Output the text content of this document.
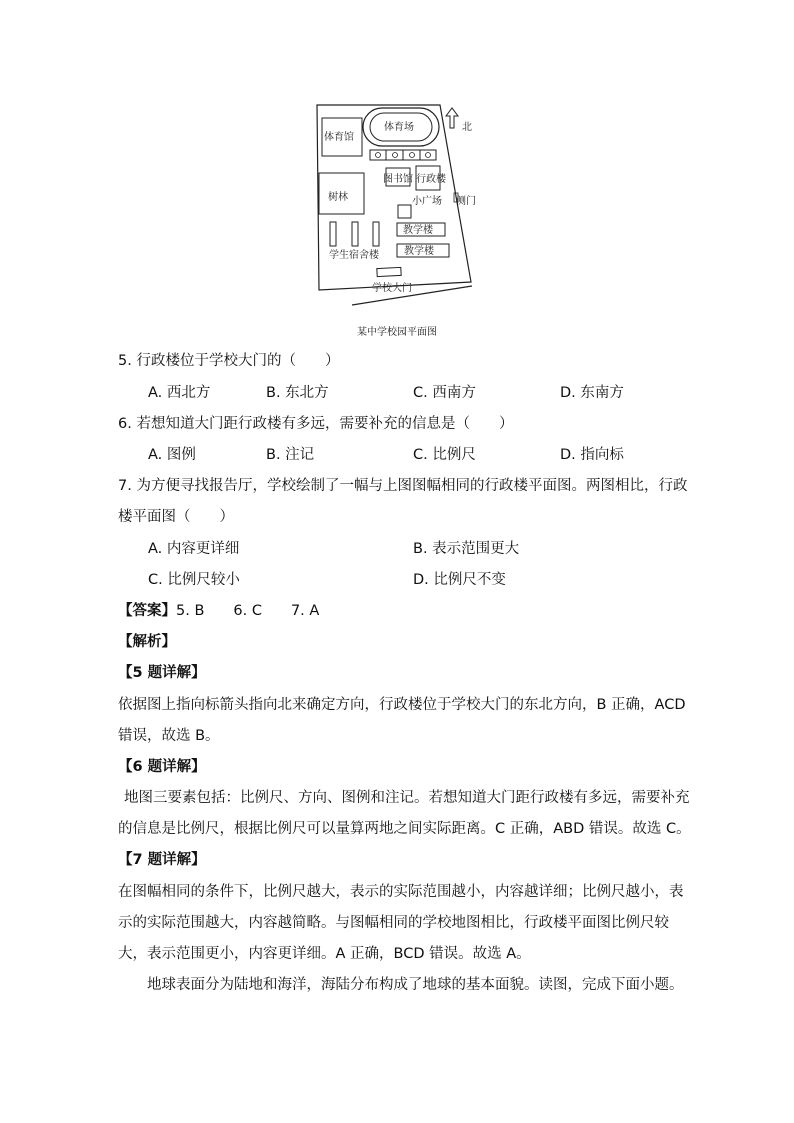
体育馆
体育场	北
图书馆 行政楼
树林	侧门
小广场
教学楼
教学楼
学生宿舍楼
学校大门
某中学校园平面图
5. 行政楼位于学校大门的（　　）
A. 西北方	B. 东北方	C. 西南方	D. 东南方
6. 若想知道大门距行政楼有多远，需要补充的信息是（　　）
A. 图例	B. 注记	C. 比例尺	D. 指向标
7. 为方便寻找报告厅，学校绘制了一幅与上图图幅相同的行政楼平面图。两图相比，行政
楼平面图（　　）
A. 内容更详细	B. 表示范围更大
C. 比例尺较小	D. 比例尺不变
【答案】5. B　　6. C　　7. A
【解析】
【5 题详解】
依据图上指向标箭头指向北来确定方向，行政楼位于学校大门的东北方向，B 正确，ACD
错误，故选 B。
【6 题详解】
地图三要素包括：比例尺、方向、图例和注记。若想知道大门距行政楼有多远，需要补充
的信息是比例尺，根据比例尺可以量算两地之间实际距离。C 正确，ABD 错误。故选 C。
【7 题详解】
在图幅相同的条件下，比例尺越大，表示的实际范围越小，内容越详细；比例尺越小，表
示的实际范围越大，内容越简略。与图幅相同的学校地图相比，行政楼平面图比例尺较
大，表示范围更小，内容更详细。A 正确，BCD 错误。故选 A。
地球表面分为陆地和海洋，海陆分布构成了地球的基本面貌。读图，完成下面小题。
